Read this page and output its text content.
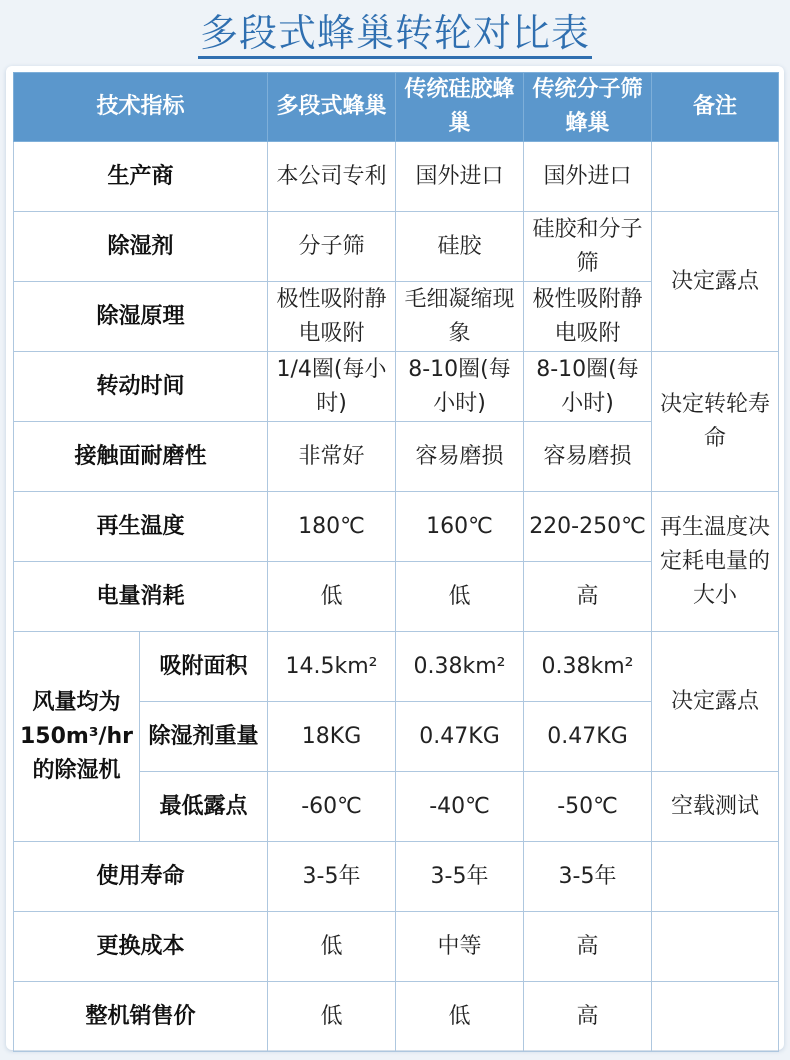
多段式蜂巢转轮对比表
技术指标		多段式蜂巢	传统硅胶蜂巢	传统分子筛蜂巢	备注
生产商		本公司专利	国外进口	国外进口	
除湿剂		分子筛	硅胶	硅胶和分子筛	决定露点
除湿原理		极性吸附静电吸附	毛细凝缩现象	极性吸附静电吸附	
转动时间		1/4圈(每小时)	8-10圈(每小时)	8-10圈(每小时)	决定转轮寿命
接触面耐磨性		非常好	容易磨损	容易磨损	
再生温度		180℃	160℃	220-250℃	再生温度决定耗电量的大小
电量消耗		低	低	高	
风量均为150m³/hr的除湿机	吸附面积	14.5km²	0.38km²	0.38km²	决定露点
	除湿剂重量	18KG	0.47KG	0.47KG	
	最低露点	-60℃	-40℃	-50℃	空载测试
使用寿命		3-5年	3-5年	3-5年	
更换成本		低	中等	高	
整机销售价		低	低	高	
